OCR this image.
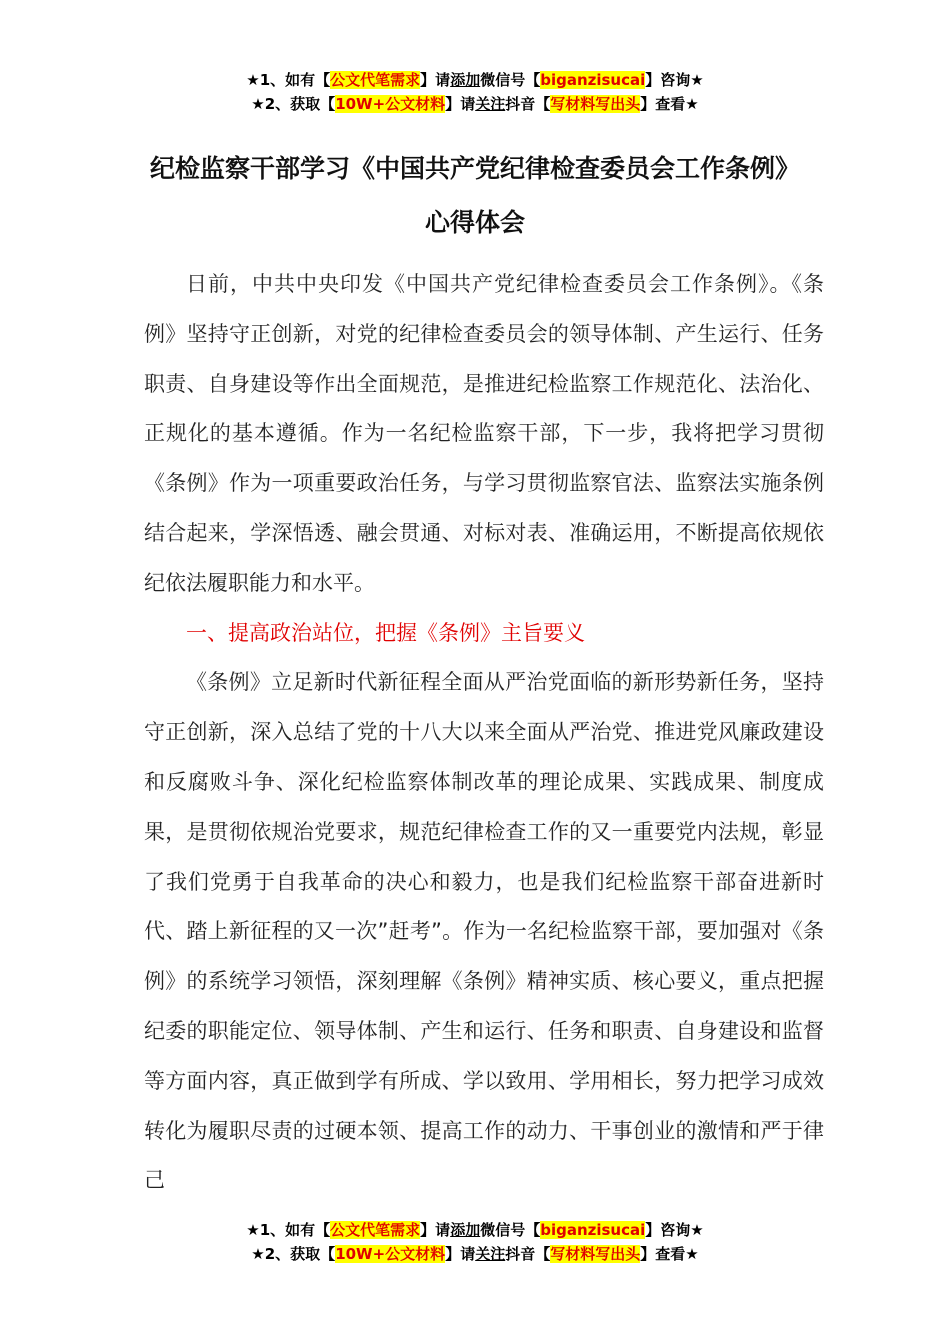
★1、如有【公文代笔需求】请添加微信号【biganzisucai】咨询★
★2、获取【10W+公文材料】请关注抖音【写材料写出头】查看★
纪检监察干部学习《中国共产党纪律检查委员会工作条例》心得体会

日前，中共中央印发《中国共产党纪律检查委员会工作条例》。《条例》坚持守正创新，对党的纪律检查委员会的领导体制、产生运行、任务职责、自身建设等作出全面规范，是推进纪检监察工作规范化、法治化、正规化的基本遵循。作为一名纪检监察干部，下一步，我将把学习贯彻《条例》作为一项重要政治任务，与学习贯彻监察官法、监察法实施条例结合起来，学深悟透、融会贯通、对标对表、准确运用，不断提高依规依纪依法履职能力和水平。

一、提高政治站位，把握《条例》主旨要义

《条例》立足新时代新征程全面从严治党面临的新形势新任务，坚持守正创新，深入总结了党的十八大以来全面从严治党、推进党风廉政建设和反腐败斗争、深化纪检监察体制改革的理论成果、实践成果、制度成果，是贯彻依规治党要求，规范纪律检查工作的又一重要党内法规，彰显了我们党勇于自我革命的决心和毅力，也是我们纪检监察干部奋进新时代、踏上新征程的又一次”赶考”。作为一名纪检监察干部，要加强对《条例》的系统学习领悟，深刻理解《条例》精神实质、核心要义，重点把握纪委的职能定位、领导体制、产生和运行、任务和职责、自身建设和监督等方面内容，真正做到学有所成、学以致用、学用相长，努力把学习成效转化为履职尽责的过硬本领、提高工作的动力、干事创业的激情和严于律己

★1、如有【公文代笔需求】请添加微信号【biganzisucai】咨询★
★2、获取【10W+公文材料】请关注抖音【写材料写出头】查看★
